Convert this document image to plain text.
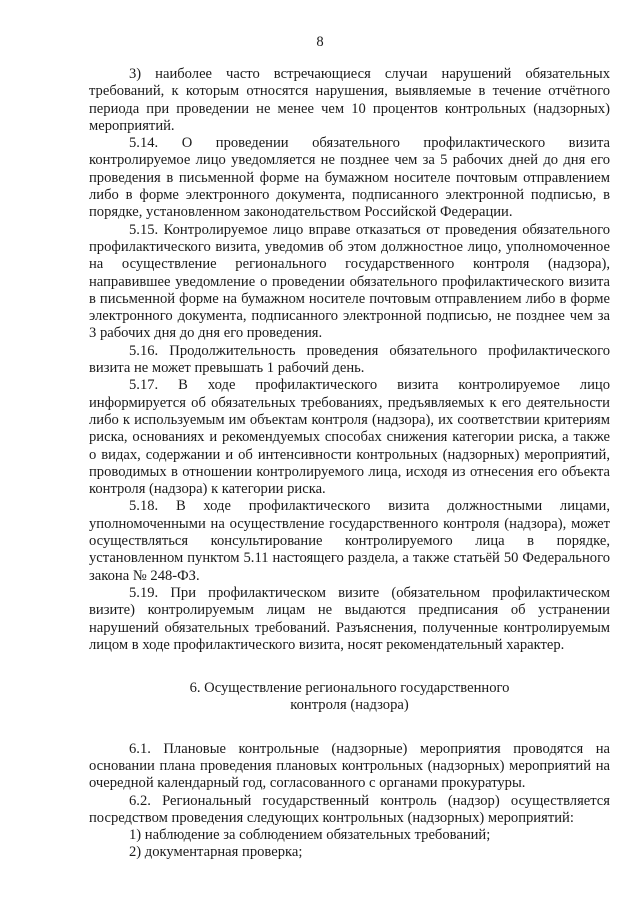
8

3) наиболее часто встречающиеся случаи нарушений обязательных требований, к которым относятся нарушения, выявляемые в течение отчётного периода при проведении не менее чем 10 процентов контрольных (надзорных) мероприятий.

5.14. О проведении обязательного профилактического визита контролируемое лицо уведомляется не позднее чем за 5 рабочих дней до дня его проведения в письменной форме на бумажном носителе почтовым отправлением либо в форме электронного документа, подписанного электронной подписью, в порядке, установленном законодательством Российской Федерации.

5.15. Контролируемое лицо вправе отказаться от проведения обязательного профилактического визита, уведомив об этом должностное лицо, уполномоченное на осуществление регионального государственного контроля (надзора), направившее уведомление о проведении обязательного профилактического визита в письменной форме на бумажном носителе почтовым отправлением либо в форме электронного документа, подписанного электронной подписью, не позднее чем за 3 рабочих дня до дня его проведения.

5.16. Продолжительность проведения обязательного профилактического визита не может превышать 1 рабочий день.

5.17. В ходе профилактического визита контролируемое лицо информируется об обязательных требованиях, предъявляемых к его деятельности либо к используемым им объектам контроля (надзора), их соответствии критериям риска, основаниях и рекомендуемых способах снижения категории риска, а также о видах, содержании и об интенсивности контрольных (надзорных) мероприятий, проводимых в отношении контролируемого лица, исходя из отнесения его объекта контроля (надзора) к категории риска.

5.18. В ходе профилактического визита должностными лицами, уполномоченными на осуществление государственного контроля (надзора), может осуществляться консультирование контролируемого лица в порядке, установленном пунктом 5.11 настоящего раздела, а также статьёй 50 Федерального закона № 248-ФЗ.

5.19. При профилактическом визите (обязательном профилактическом визите) контролируемым лицам не выдаются предписания об устранении нарушений обязательных требований. Разъяснения, полученные контролируемым лицом в ходе профилактического визита, носят рекомендательный характер.

6. Осуществление регионального государственного
контроля (надзора)

6.1. Плановые контрольные (надзорные) мероприятия проводятся на основании плана проведения плановых контрольных (надзорных) мероприятий на очередной календарный год, согласованного с органами прокуратуры.

6.2. Региональный государственный контроль (надзор) осуществляется посредством проведения следующих контрольных (надзорных) мероприятий:

1) наблюдение за соблюдением обязательных требований;

2) документарная проверка;
